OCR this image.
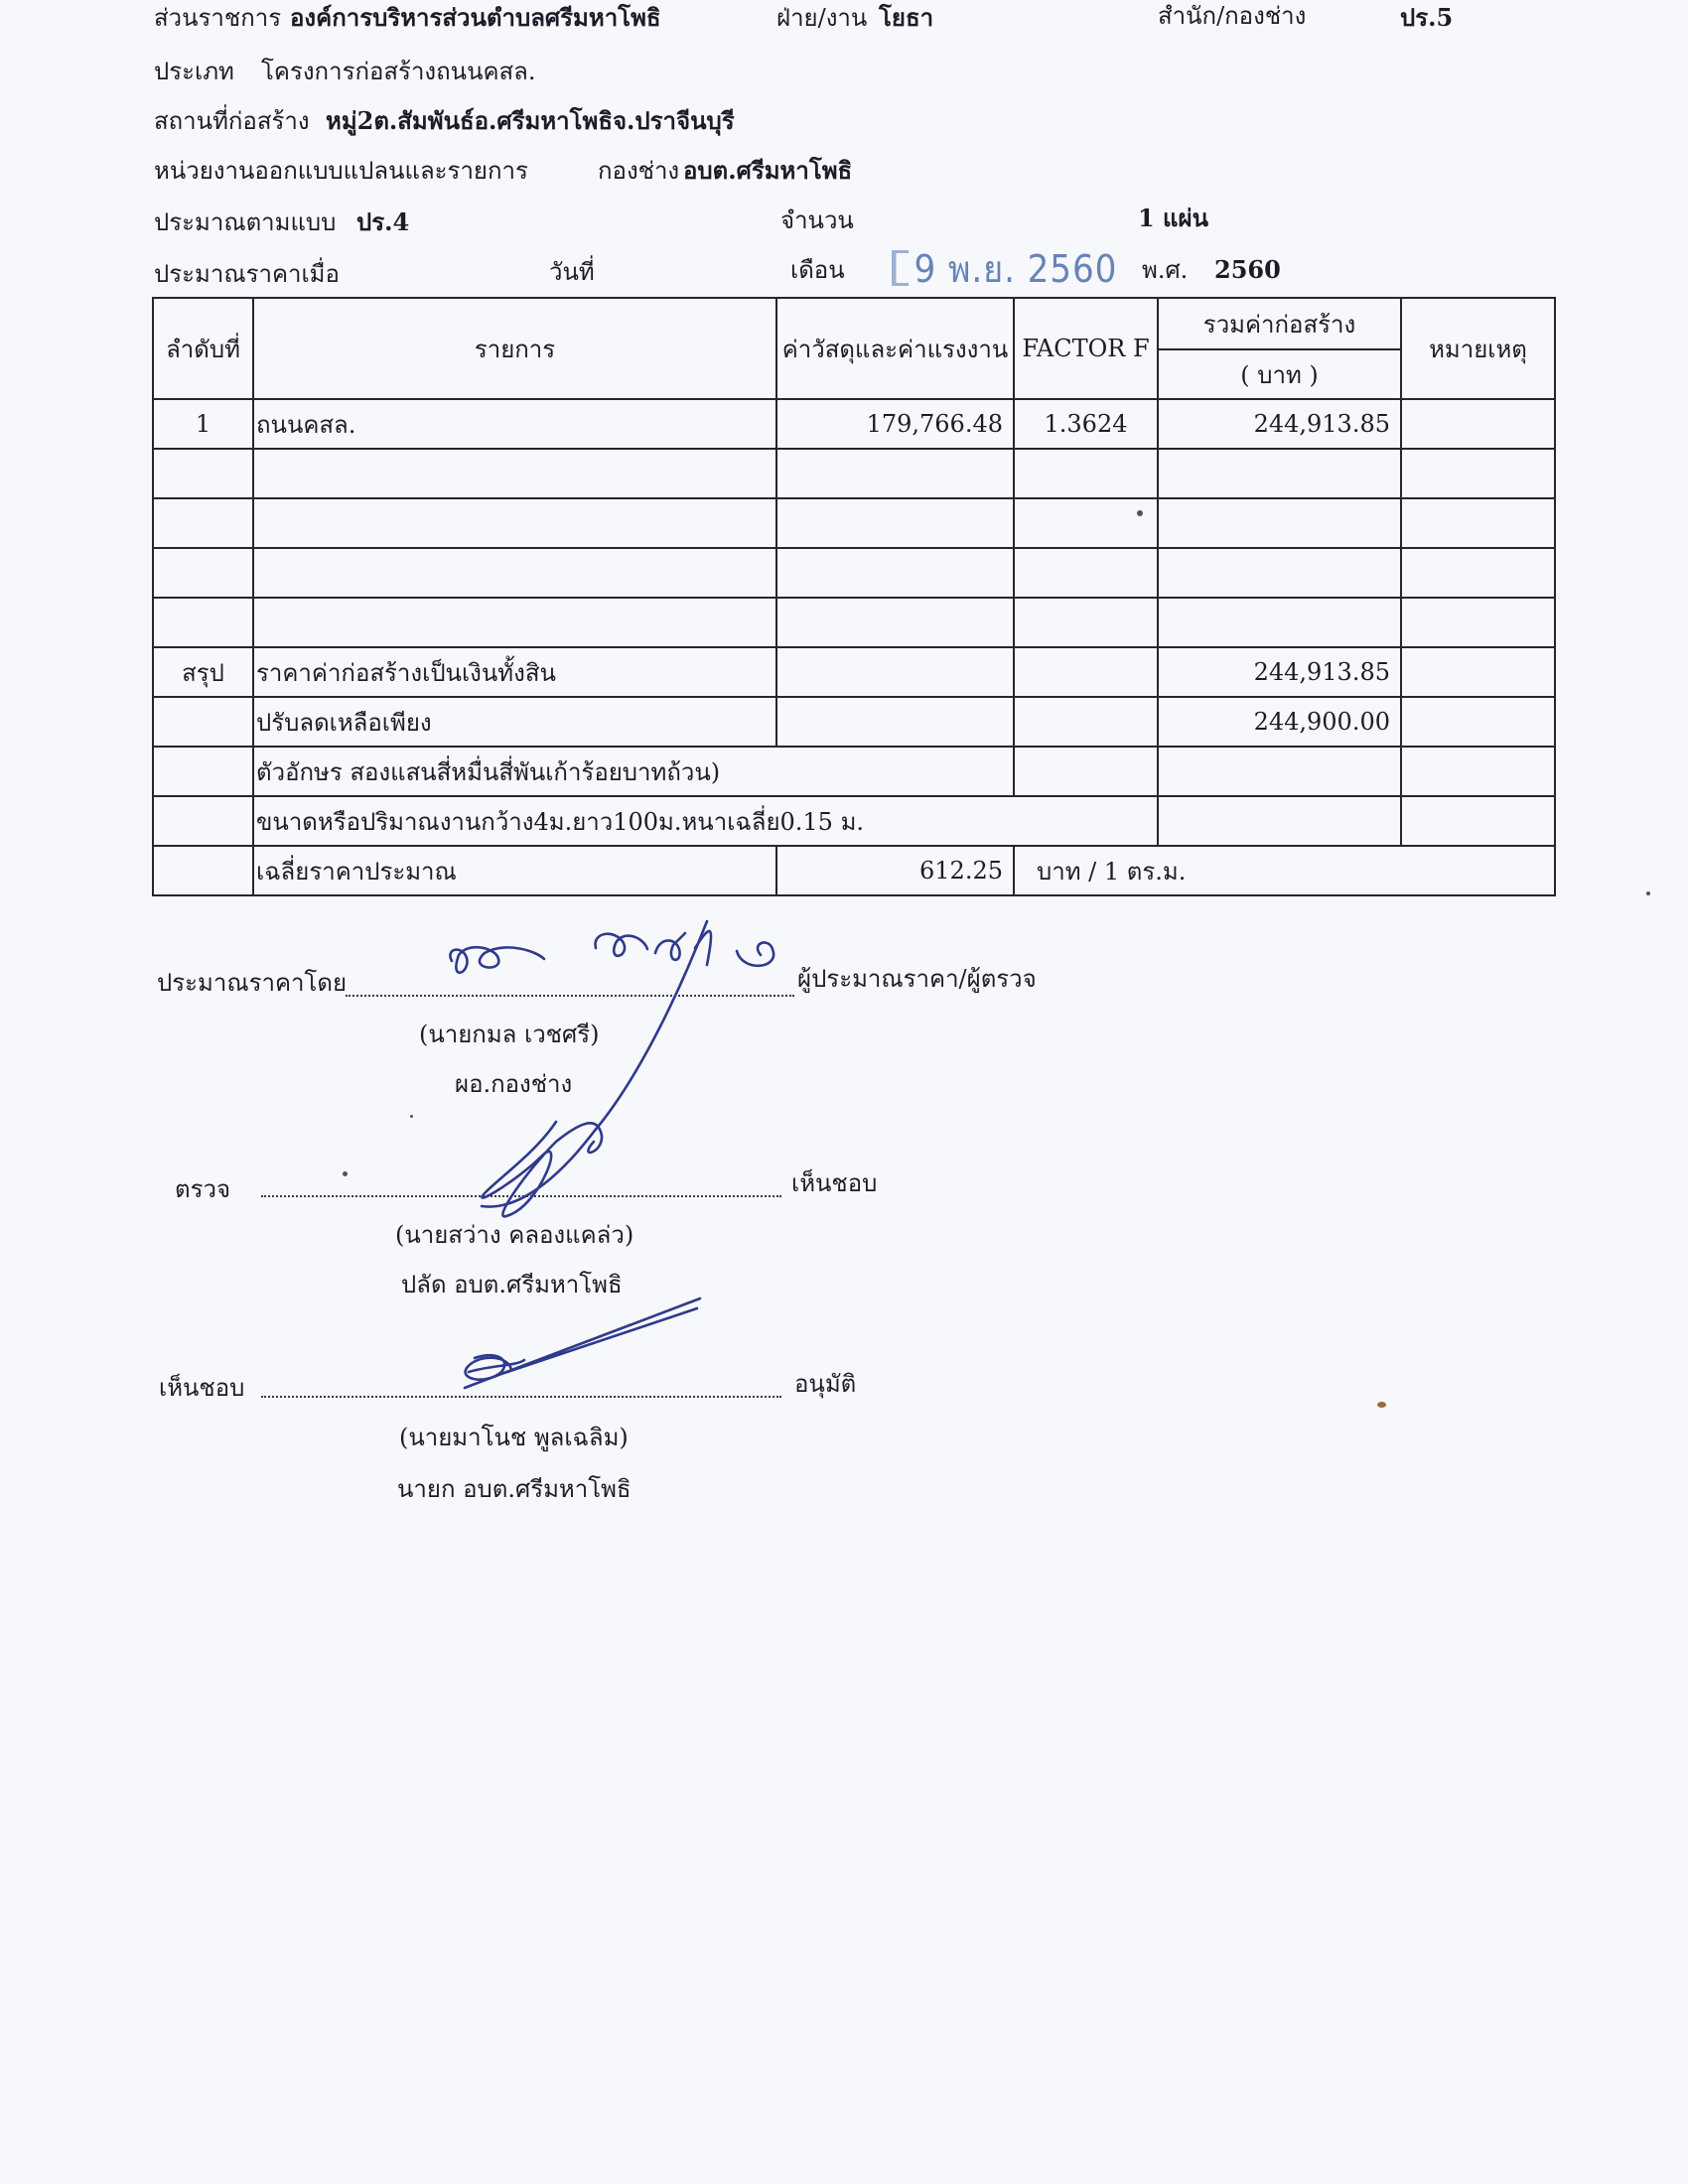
ส่วนราชการ องค์การบริหารส่วนตำบลศรีมหาโพธิ	ฝ่าย/งาน โยธา	สำนัก/กองช่าง	ปร.5
ประเภท โครงการก่อสร้างถนนคสล.
สถานที่ก่อสร้าง หมู่2ต.สัมพันธ์อ.ศรีมหาโพธิจ.ปราจีนบุรี
หน่วยงานออกแบบแปลนและรายการ	กองช่าง อบต.ศรีมหาโพธิ
ประมาณตามแบบ ปร.4	จำนวน	1 แผ่น
ประมาณราคาเมื่อ	วันที่	เดือน	9 พ.ย. 2560 พ.ศ. 2560
ลำดับที่	รายการ	ค่าวัสดุและค่าแรงงาน	FACTOR F	รวมค่าก่อสร้าง	หมายเหตุ
				( บาท )	
1	ถนนคสล.	179,766.48	1.3624	244,913.85	

สรุป	ราคาค่าก่อสร้างเป็นเงินทั้งสิน			244,913.85	
	ปรับลดเหลือเพียง			244,900.00	
	ตัวอักษร สองแสนสี่หมื่นสี่พันเก้าร้อยบาทถ้วน)				
	ขนาดหรือปริมาณงานกว้าง4ม.ยาว100ม.หนาเฉลี่ย0.15 ม.				
	เฉลี่ยราคาประมาณ	612.25	บาท / 1 ตร.ม.		
ประมาณราคาโดย	ผู้ประมาณราคา/ผู้ตรวจ
(นายกมล เวชศรี)
ผอ.กองช่าง
ตรวจ	เห็นชอบ
(นายสว่าง คลองแคล่ว)
ปลัด อบต.ศรีมหาโพธิ
เห็นชอบ	อนุมัติ
(นายมาโนช พูลเฉลิม)
นายก อบต.ศรีมหาโพธิ
